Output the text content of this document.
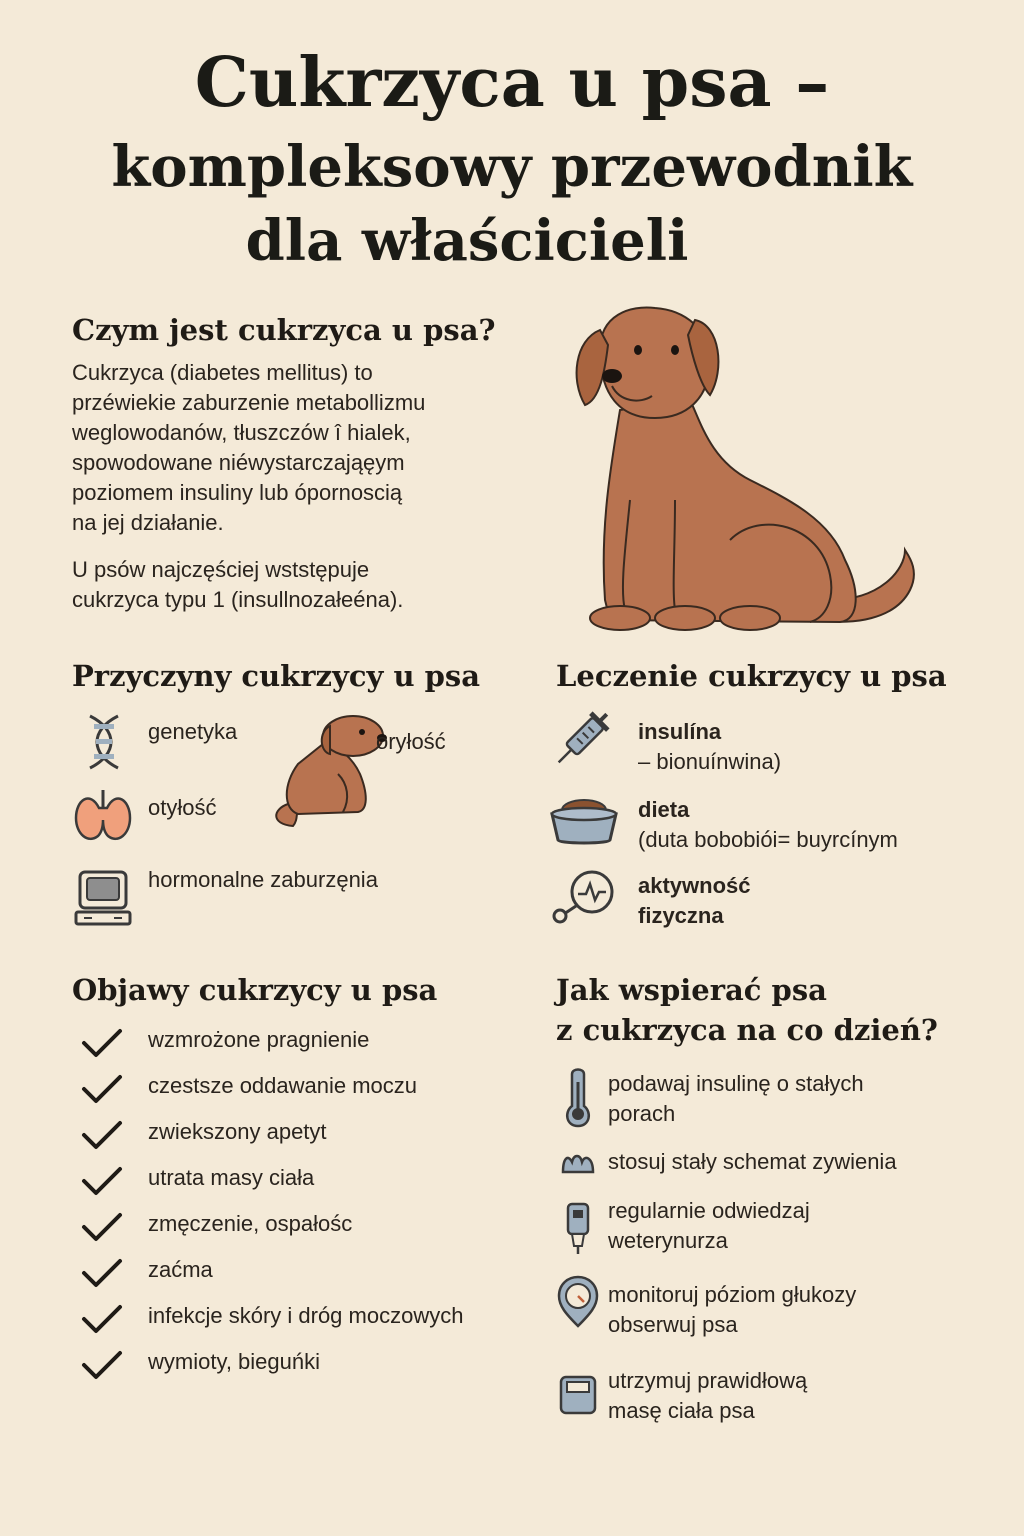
Cukrzyca u psa –
kompleksowy przewodnik
dla właścicieli
Czym jest cukrzyca u psa?
Cukrzyca (diabetes mellitus) to
przéwiekie zaburzenie metabollizmu
weglowodanów, tłuszczów î hialek,
spowodowane niéwystarczająęym
poziomem insuliny lub ópornoscią
na jej działanie.
U psów najczęściej wststępuje
cukrzyca typu 1 (insullnozałeéna).
Przyczyny cukrzycy u psa
genetyka
otyłość
hormonalne zaburzęnia
oryłość
Leczenie cukrzycy u psa
insulína
– bionuínwina)
dieta
(duta bobobiói= buyrcínym
aktywność
fizyczna
Objawy cukrzycy u psa
wzmrożone pragnienie
czestsze oddawanie moczu
zwiekszony apetyt
utrata masy ciała
zmęczenie, ospałośc
zaćma
infekcje skóry i dróg moczowych
wymioty, bieguńki
Jak wspierać psa
z cukrzyca na co dzień?
podawaj insulinę o stałych
porach
stosuj stały schemat zywienia
regularnie odwiedzaj
weterynurza
monitoruj póziom głukozy
obserwuj psa
utrzymuj prawidłową
masę ciała psa
